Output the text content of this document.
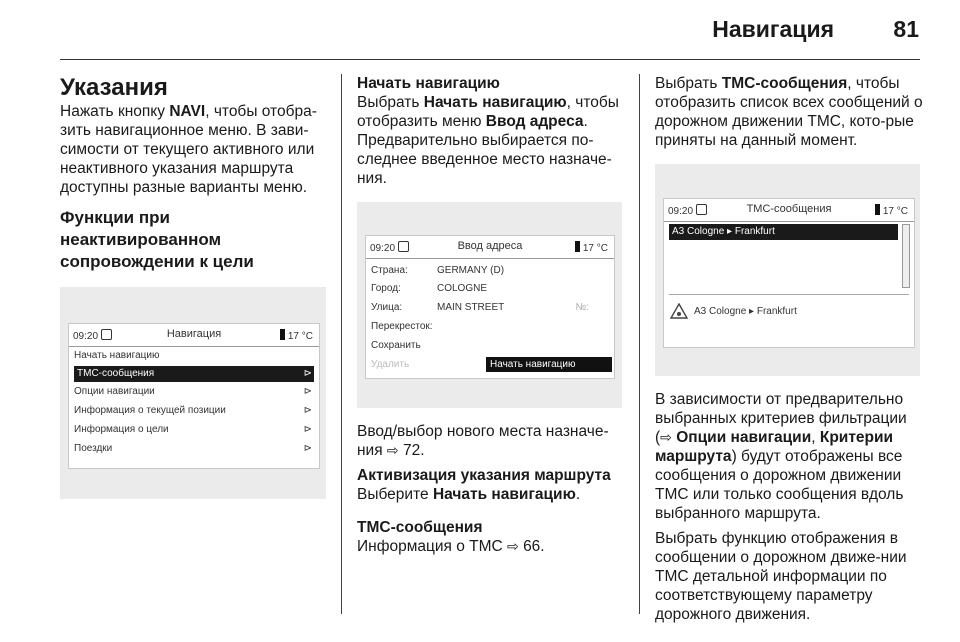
Навигация	81
Указания

Нажать кнопку NAVI, чтобы отобра-зить навигационное меню. В зави-симости от текущего активного или неактивного указания маршрута доступны разные варианты меню.

Функции при неактивированном сопровождении к цели
09:20	Навигация	17 °C
Начать навигацию
TMC-сообщения	⊳
Опции навигации	⊳
Информация о текущей позиции	⊳
Информация о цели	⊳
Поездки	⊳
Начать навигацию

Выбрать Начать навигацию, чтобы отобразить меню Ввод адреса. Предварительно выбирается по-следнее введенное место назначе-ния.

09:20	Ввод адреса	17 °C
Страна:	GERMANY (D)
Город:	COLOGNE
Улица:	MAIN STREET	№:
Перекресток:
Сохранить
Удалить	Начать навигацию

Ввод/выбор нового места назначе-ния ⇨ 72.

Активизация указания маршрута

Выберите Начать навигацию.

TMC-сообщения

Информация о TMC ⇨ 66.

Выбрать TMC-сообщения, чтобы отобразить список всех сообщений о дорожном движении TMC, кото-рые приняты на данный момент.

09:20	TMC-сообщения	17 °C
A3 Cologne ▸ Frankfurt
A3 Cologne ▸ Frankfurt

В зависимости от предварительно выбранных критериев фильтрации (⇨ Опции навигации, Критерии маршрута) будут отображены все сообщения о дорожном движении TMC или только сообщения вдоль выбранного маршрута.

Выбрать функцию отображения в сообщении о дорожном движе-нии TMC детальной информации по соответствующему параметру дорожного движения.
